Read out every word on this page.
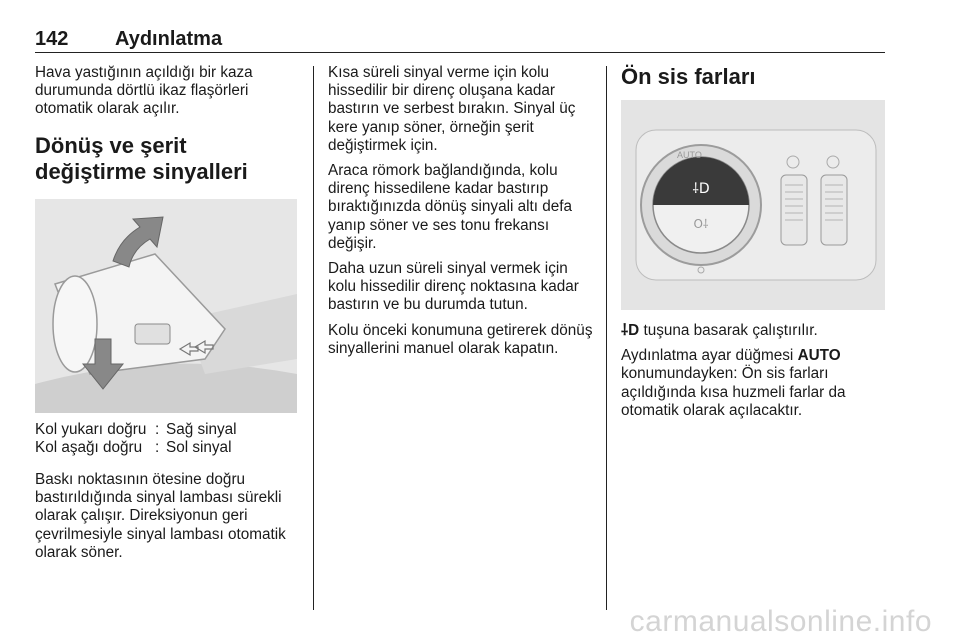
142 Aydınlatma

Hava yastığının açıldığı bir kaza durumunda dörtlü ikaz flaşörleri otomatik olarak açılır.

Dönüş ve şerit değiştirme sinyalleri
Kol yukarı doğru : Sağ sinyal
Kol aşağı doğru : Sol sinyal

Baskı noktasının ötesine doğru bastırıldığında sinyal lambası sürekli olarak çalışır. Direksiyonun geri çevrilmesiyle sinyal lambası otomatik olarak söner.

Kısa süreli sinyal verme için kolu hissedilir bir direnç oluşana kadar bastırın ve serbest bırakın. Sinyal üç kere yanıp söner, örneğin şerit değiştirmek için.

Araca römork bağlandığında, kolu direnç hissedilene kadar bastırıp bıraktığınızda dönüş sinyali altı defa yanıp söner ve ses tonu frekansı değişir.

Daha uzun süreli sinyal vermek için kolu hissedilir direnç noktasına kadar bastırın ve bu durumda tutun.

Kolu önceki konumuna getirerek dönüş sinyallerini manuel olarak kapatın.

Ön sis farları
⸸D
O⸸
AUTO

⸸D tuşuna basarak çalıştırılır.

Aydınlatma ayar düğmesi AUTO konumundayken: Ön sis farları açıldığında kısa huzmeli farlar da otomatik olarak açılacaktır.

carmanualsonline.info
